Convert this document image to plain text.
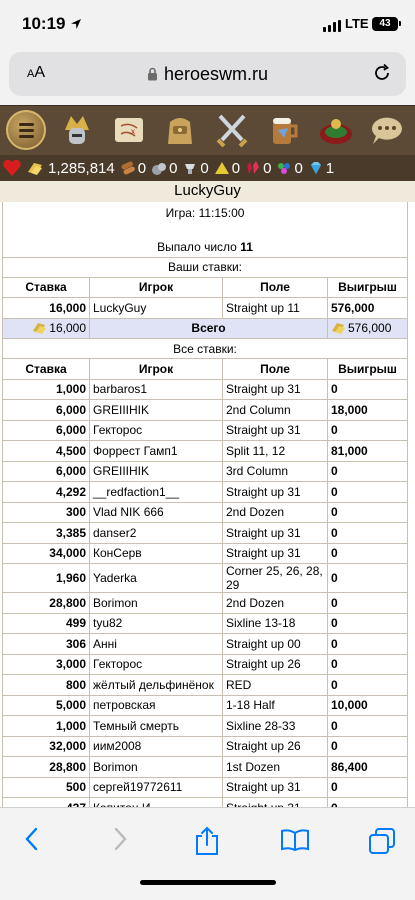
10:19	LTE	43
AA	heroeswm.ru
x
1,285,814 0 0 0 0 0 0 1
LuckyGuy
Игра: 11:15:00			

Выпало число 11			
Ваши ставки:			
Ставка	Игрок	Поле	Выигрыш
16,000	LuckyGuy	Straight up 11	576,000
16,000	Всего		576,000
Все ставки:			
Ставка	Игрок	Поле	Выигрыш
1,000	barbaros1	Straight up 31	0
6,000	GREIIIHIK	2nd Column	18,000
6,000	Гекторос	Straight up 31	0
4,500	Форрест Гамп1	Split 11, 12	81,000
6,000	GREIIIHIK	3rd Column	0
4,292	__redfaction1__	Straight up 31	0
300	Vlad NIK 666	2nd Dozen	0
3,385	danser2	Straight up 31	0
34,000	КонСерв	Straight up 31	0
1,960	Yaderka	Corner 25, 26, 28, 29	0
28,800	Borimon	2nd Dozen	0
499	tyu82	Sixline 13-18	0
306	Анні	Straight up 00	0
3,000	Гекторос	Straight up 26	0
800	жёлтый дельфинёнок	RED	0
5,000	петровская	1-18 Half	10,000
1,000	Темный смерть	Sixline 28-33	0
32,000	иим2008	Straight up 26	0
28,800	Borimon	1st Dozen	86,400
500	сергей19772611	Straight up 31	0
